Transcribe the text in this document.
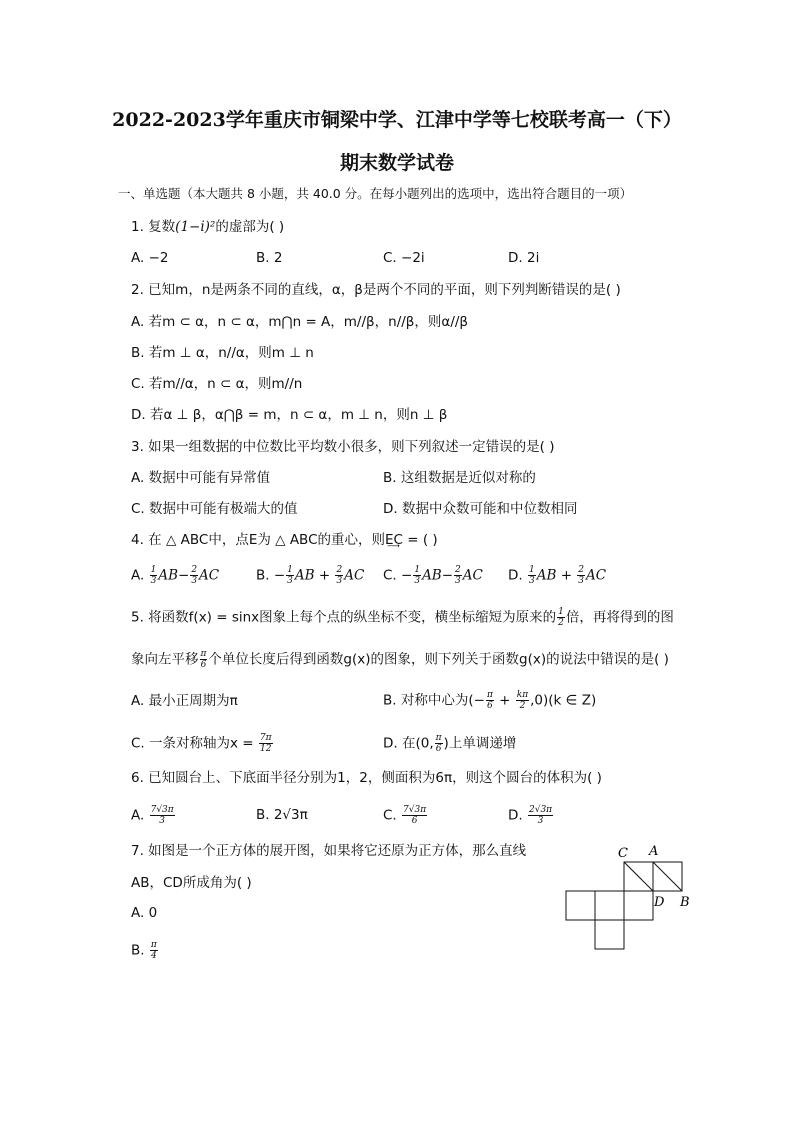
2022-2023学年重庆市铜梁中学、江津中学等七校联考高一（下）
期末数学试卷
一、单选题（本大题共 8 小题，共 40.0 分。在每小题列出的选项中，选出符合题目的一项）
1. 复数(1−i)²的虚部为( )
A. −2	B. 2	C. −2i	D. 2i
2. 已知m，n是两条不同的直线，α，β是两个不同的平面，则下列判断错误的是( )
A. 若m ⊂ α，n ⊂ α，m⋂n = A，m//β，n//β，则α//β
B. 若m ⊥ α，n//α，则m ⊥ n
C. 若m//α，n ⊂ α，则m//n
D. 若α ⊥ β，α⋂β = m，n ⊂ α，m ⊥ n，则n ⊥ β
3. 如果一组数据的中位数比平均数小很多，则下列叙述一定错误的是( )
A. 数据中可能有异常值	B. 这组数据是近似对称的
C. 数据中可能有极端大的值	D. 数据中众数可能和中位数相同
4. 在 △ ABC中，点E为 △ ABC的重心，则E͢C = ( )
A. $\frac{1}{3} AB- \frac{2}{3}$ AC	B. − $\frac{1}{3}$ AB + $\frac{2}{3}$ AC C. − $\frac{1}{3} AB- \frac{2}{3}$ AC D. $\frac{1}{3}$ AB + $\frac{2}{3}$ AC
5. 将函数f(x) = sinx图象上每个点的纵坐标不变，横坐标缩短为原来的 $\frac{1}{2}$ 倍，再将得到的图
象向左平移 $\frac{\pi}{6}$ 个单位长度后得到函数g(x)的图象，则下列关于函数g(x)的说法中错误的是( )
A. 最小正周期为π	B. 对称中心为(− $\frac{\pi}{6} + \frac{k\pi}{2} ,0)(k$ ∈ Z)
C. 一条对称轴为$x = \frac{7\pi}{12}$	D. 在(0, $\frac{\pi}{6}$ )上单调递增
6. 已知圆台上、下底面半径分别为1，2，侧面积为6π，则这个圆台的体积为( )
A. $\frac{7√3\pi}{3}$	B. 2√3π	C. $\frac{7√3\pi}{6}$	D. $\frac{2√3\pi}{3}$
7. 如图是一个正方体的展开图，如果将它还原为正方体，那么直线
AB，CD所成角为( )
A. 0
B. $\frac{\pi}{4}$
C A
D B
